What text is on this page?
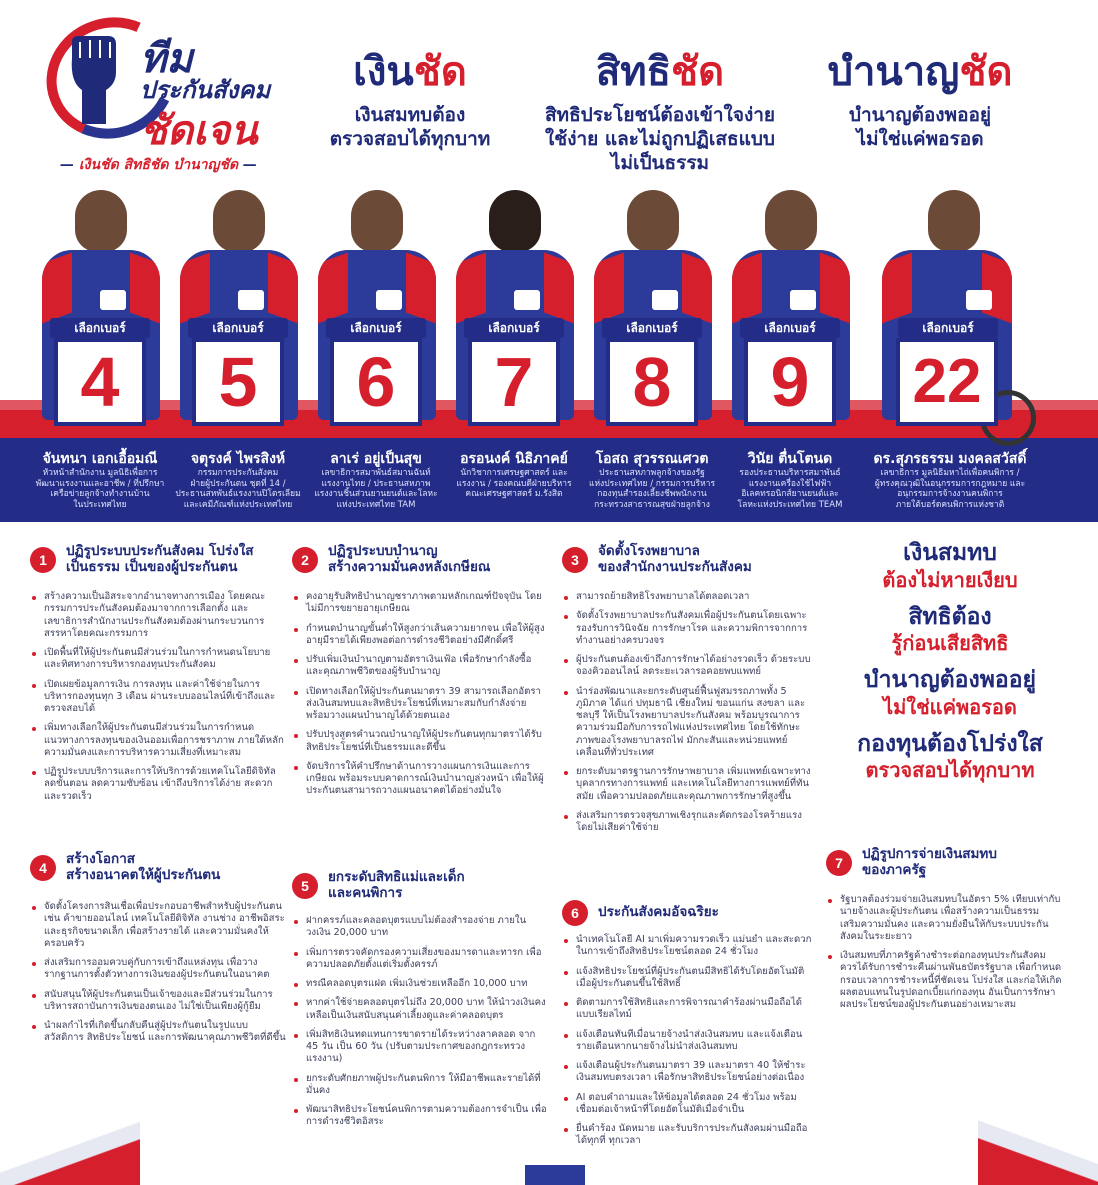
ทีม
ประกันสังคม
ชัดเจน
— เงินชัด สิทธิชัด บำนาญชัด —
เงินชัด
เงินสมทบต้อง
ตรวจสอบได้ทุกบาท
สิทธิชัด
สิทธิประโยชน์ต้องเข้าใจง่าย
ใช้ง่าย และไม่ถูกปฏิเสธแบบ
ไม่เป็นธรรม
บำนาญชัด
บำนาญต้องพออยู่
ไม่ใช่แค่พอรอด
เลือกเบอร์
4
จันทนา เอกเอื้อมณี
หัวหน้าสำนักงาน มูลนิธิเพื่อการ
พัฒนาแรงงานและอาชีพ / ที่ปรึกษา
เครือข่ายลูกจ้างทำงานบ้าน
ในประเทศไทย
เลือกเบอร์
5
จตุรงค์ ไพรสิงห์
กรรมการประกันสังคม
ฝ่ายผู้ประกันตน ชุดที่ 14 /
ประธานสหพันธ์แรงงานปิโตรเลียม
และเคมีภัณฑ์แห่งประเทศไทย
เลือกเบอร์
6
ลาเร่ อยู่เป็นสุข
เลขาธิการสมาพันธ์สมานฉันท์
แรงงานไทย / ประธานสหภาพ
แรงงานชิ้นส่วนยานยนต์และโลหะ
แห่งประเทศไทย TAM
เลือกเบอร์
7
อรอนงค์ นิธิภาคย์
นักวิชาการเศรษฐศาสตร์ และ
แรงงาน / รองคณบดีฝ่ายบริหาร
คณะเศรษฐศาสตร์ ม.รังสิต
เลือกเบอร์
8
โอสถ สุวรรณเศวต
ประธานสหภาพลูกจ้างของรัฐ
แห่งประเทศไทย / กรรมการบริหาร
กองทุนสำรองเลี้ยงชีพพนักงาน
กระทรวงสาธารณสุขฝ่ายลูกจ้าง
เลือกเบอร์
9
วินัย ตื่นโตนด
รองประธานบริหารสมาพันธ์
แรงงานเครื่องใช้ไฟฟ้า
อิเลคทรอนิกส์ยานยนต์และ
โลหะแห่งประเทศไทย TEAM
เลือกเบอร์
22
ดร.สุภรธรรม มงคลสวัสดิ์
เลขาธิการ มูลนิธิมหาไถ่เพื่อคนพิการ /
ผู้ทรงคุณวุฒิในอนุกรรมการกฎหมาย และ
อนุกรรมการจ้างงานคนพิการ
ภายใต้บอร์ดคนพิการแห่งชาติ
1
ปฏิรูประบบประกันสังคม โปร่งใส
เป็นธรรม เป็นของผู้ประกันตน
สร้างความเป็นอิสระจากอำนาจทางการเมือง โดยคณะกรรมการประกันสังคมต้องมาจากการเลือกตั้ง และเลขาธิการสำนักงานประกันสังคมต้องผ่านกระบวนการสรรหาโดยคณะกรรมการ
เปิดพื้นที่ให้ผู้ประกันตนมีส่วนร่วมในการกำหนดนโยบายและทิศทางการบริหารกองทุนประกันสังคม
เปิดเผยข้อมูลการเงิน การลงทุน และค่าใช้จ่ายในการบริหารกองทุนทุก 3 เดือน ผ่านระบบออนไลน์ที่เข้าถึงและตรวจสอบได้
เพิ่มทางเลือกให้ผู้ประกันตนมีส่วนร่วมในการกำหนดแนวทางการลงทุนของเงินออมเพื่อการชราภาพ ภายใต้หลักความมั่นคงและการบริหารความเสี่ยงที่เหมาะสม
ปฏิรูประบบบริการและการให้บริการด้วยเทคโนโลยีดิจิทัล ลดขั้นตอน ลดความซับซ้อน เข้าถึงบริการได้ง่าย สะดวก และรวดเร็ว
4
สร้างโอกาส
สร้างอนาคตให้ผู้ประกันตน
จัดตั้งโครงการสินเชื่อเพื่อประกอบอาชีพสำหรับผู้ประกันตน เช่น ค้าขายออนไลน์ เทคโนโลยีดิจิทัล งานช่าง อาชีพอิสระ และธุรกิจขนาดเล็ก เพื่อสร้างรายได้ และความมั่นคงให้ครอบครัว
ส่งเสริมการออมควบคู่กับการเข้าถึงแหล่งทุน เพื่อวางรากฐานการตั้งตัวทางการเงินของผู้ประกันตนในอนาคต
สนับสนุนให้ผู้ประกันตนเป็นเจ้าของและมีส่วนร่วมในการบริหารสถาบันการเงินของตนเอง ไม่ใช่เป็นเพียงผู้กู้ยืม
นำผลกำไรที่เกิดขึ้นกลับคืนสู่ผู้ประกันตนในรูปแบบสวัสดิการ สิทธิประโยชน์ และการพัฒนาคุณภาพชีวิตที่ดีขึ้น
2
ปฏิรูประบบบำนาญ
สร้างความมั่นคงหลังเกษียณ
คงอายุรับสิทธิบำนาญชราภาพตามหลักเกณฑ์ปัจจุบัน โดยไม่มีการขยายอายุเกษียณ
กำหนดบำนาญขั้นต่ำให้สูงกว่าเส้นความยากจน เพื่อให้ผู้สูงอายุมีรายได้เพียงพอต่อการดำรงชีวิตอย่างมีศักดิ์ศรี
ปรับเพิ่มเงินบำนาญตามอัตราเงินเฟ้อ เพื่อรักษากำลังซื้อและคุณภาพชีวิตของผู้รับบำนาญ
เปิดทางเลือกให้ผู้ประกันตนมาตรา 39 สามารถเลือกอัตราส่งเงินสมทบและสิทธิประโยชน์ที่เหมาะสมกับกำลังจ่าย พร้อมวางแผนบำนาญได้ด้วยตนเอง
ปรับปรุงสูตรคำนวณบำนาญให้ผู้ประกันตนทุกมาตราได้รับสิทธิประโยชน์ที่เป็นธรรมและดีขึ้น
จัดบริการให้คำปรึกษาด้านการวางแผนการเงินและการเกษียณ พร้อมระบบคาดการณ์เงินบำนาญล่วงหน้า เพื่อให้ผู้ประกันตนสามารถวางแผนอนาคตได้อย่างมั่นใจ
5
ยกระดับสิทธิแม่และเด็ก
และคนพิการ
ฝากครรภ์และคลอดบุตรแบบไม่ต้องสำรองจ่าย ภายในวงเงิน 20,000 บาท
เพิ่มการตรวจคัดกรองความเสี่ยงของมารดาและทารก เพื่อความปลอดภัยตั้งแต่เริ่มตั้งครรภ์
ทรณีคลอดบุตรแฝด เพิ่มเงินช่วยเหลืออีก 10,000 บาท
หากค่าใช้จ่ายคลอดบุตรไม่ถึง 20,000 บาท ให้นำวงเงินคงเหลือเป็นเงินสนับสนุนค่าเลี้ยงดูและค่าคลอดบุตร
เพิ่มสิทธิเงินทดแทนการขาดรายได้ระหว่างลาคลอด จาก 45 วัน เป็น 60 วัน (ปรับตามประกาศของกฎกระทรวงแรงงาน)
ยกระดับศักยภาพผู้ประกันตนพิการ ให้มีอาชีพและรายได้ที่มั่นคง
พัฒนาสิทธิประโยชน์คนพิการตามความต้องการจำเป็น เพื่อการดำรงชีวิตอิสระ
3
จัดตั้งโรงพยาบาล
ของสำนักงานประกันสังคม
สามารถย้ายสิทธิโรงพยาบาลได้ตลอดเวลา
จัดตั้งโรงพยาบาลประกันสังคมเพื่อผู้ประกันตนโดยเฉพาะ รองรับการวินิจฉัย การรักษาโรค และความพิการจากการทำงานอย่างครบวงจร
ผู้ประกันตนต้องเข้าถึงการรักษาได้อย่างรวดเร็ว ด้วยระบบจองคิวออนไลน์ ลดระยะเวลารอคอยพบแพทย์
นำร่องพัฒนาและยกระดับศูนย์ฟื้นฟูสมรรถภาพทั้ง 5 ภูมิภาค ได้แก่ ปทุมธานี เชียงใหม่ ขอนแก่น สงขลา และชลบุรี ให้เป็นโรงพยาบาลประกันสังคม พร้อมบูรณาการความร่วมมือกับการรถไฟแห่งประเทศไทย โดยใช้ทักษะภาพของโรงพยาบาลรถไฟ มักกะสันและหน่วยแพทย์เคลื่อนที่ทั่วประเทศ
ยกระดับมาตรฐานการรักษาพยาบาล เพิ่มแพทย์เฉพาะทาง บุคลากรทางการแพทย์ และเทคโนโลยีทางการแพทย์ที่ทันสมัย เพื่อความปลอดภัยและคุณภาพการรักษาที่สูงขึ้น
ส่งเสริมการตรวจสุขภาพเชิงรุกและคัดกรองโรคร้ายแรงโดยไม่เสียค่าใช้จ่าย
6	ประกันสังคมอัจฉริยะ
นำเทคโนโลยี AI มาเพิ่มความรวดเร็ว แม่นยำ และสะดวกในการเข้าถึงสิทธิประโยชน์ตลอด 24 ชั่วโมง
แจ้งสิทธิประโยชน์ที่ผู้ประกันตนมีสิทธิได้รับโดยอัตโนมัติ เมื่อผู้ประกันตนขึ้นใช้สิทธิ์
ติดตามการใช้สิทธิและการพิจารณาคำร้องผ่านมือถือได้แบบเรียลไทม์
แจ้งเตือนทันทีเมื่อนายจ้างนำส่งเงินสมทบ และแจ้งเตือนรายเดือนหากนายจ้างไม่นำส่งเงินสมทบ
แจ้งเตือนผู้ประกันตนมาตรา 39 และมาตรา 40 ให้ชำระเงินสมทบตรงเวลา เพื่อรักษาสิทธิประโยชน์อย่างต่อเนื่อง
AI ตอบคำถามและให้ข้อมูลได้ตลอด 24 ชั่วโมง พร้อมเชื่อมต่อเจ้าหน้าที่โดยอัตโนมัติเมื่อจำเป็น
ยื่นคำร้อง นัดหมาย และรับบริการประกันสังคมผ่านมือถือได้ทุกที่ ทุกเวลา
เงินสมทบ
ต้องไม่หายเงียบ
สิทธิต้อง
รู้ก่อนเสียสิทธิ
บำนาญต้องพออยู่
ไม่ใช่แค่พอรอด
กองทุนต้องโปร่งใส
ตรวจสอบได้ทุกบาท
7
ปฏิรูปการจ่ายเงินสมทบ
ของภาครัฐ
รัฐบาลต้องร่วมจ่ายเงินสมทบในอัตรา 5% เทียบเท่ากับนายจ้างและผู้ประกันตน เพื่อสร้างความเป็นธรรม เสริมความมั่นคง และความยั่งยืนให้กับระบบประกันสังคมในระยะยาว
เงินสมทบที่ภาครัฐค้างชำระต่อกองทุนประกันสังคม ควรได้รับการชำระคืนผ่านพันธบัตรรัฐบาล เพื่อกำหนดกรอบเวลาการชำระหนี้ที่ชัดเจน โปร่งใส และก่อให้เกิดผลตอบแทนในรูปดอกเบี้ยแก่กองทุน อันเป็นการรักษาผลประโยชน์ของผู้ประกันตนอย่างเหมาะสม
